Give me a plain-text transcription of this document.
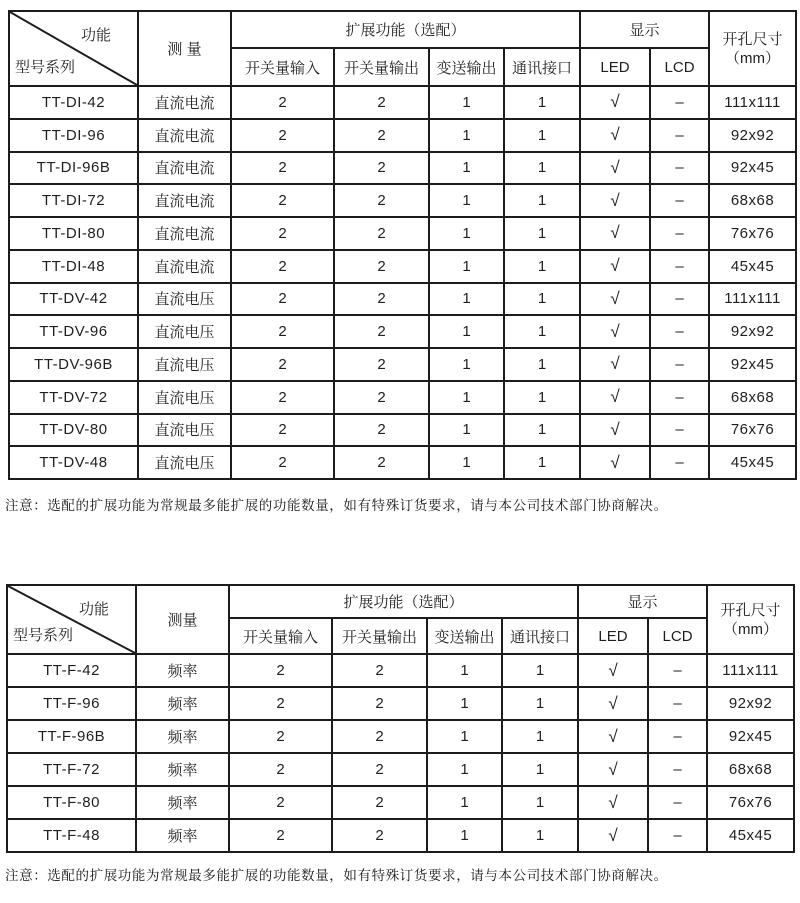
功能
型号系列
	测 量	扩展功能（选配）	显示	开孔尺寸
（mm）

		开关量输入	开关量输出	变送输出	通讯接口	LED	LCD	
TT-DI-42	直流电流	2	2	1	1	√	–	111x111
TT-DI-96	直流电流	2	2	1	1	√	–	92x92
TT-DI-96B	直流电流	2	2	1	1	√	–	92x45
TT-DI-72	直流电流	2	2	1	1	√	–	68x68
TT-DI-80	直流电流	2	2	1	1	√	–	76x76
TT-DI-48	直流电流	2	2	1	1	√	–	45x45
TT-DV-42	直流电压	2	2	1	1	√	–	111x111
TT-DV-96	直流电压	2	2	1	1	√	–	92x92
TT-DV-96B	直流电压	2	2	1	1	√	–	92x45
TT-DV-72	直流电压	2	2	1	1	√	–	68x68
TT-DV-80	直流电压	2	2	1	1	√	–	76x76
TT-DV-48	直流电压	2	2	1	1	√	–	45x45
注意：选配的扩展功能为常规最多能扩展的功能数量，如有特殊订货要求，请与本公司技术部门协商解决。
功能
型号系列
	测量	扩展功能（选配）	显示	开孔尺寸
（mm）

		开关量输入	开关量输出	变送输出	通讯接口	LED	LCD	
TT-F-42	频率	2	2	1	1	√	–	111x111
TT-F-96	频率	2	2	1	1	√	–	92x92
TT-F-96B	频率	2	2	1	1	√	–	92x45
TT-F-72	频率	2	2	1	1	√	–	68x68
TT-F-80	频率	2	2	1	1	√	–	76x76
TT-F-48	频率	2	2	1	1	√	–	45x45
注意：选配的扩展功能为常规最多能扩展的功能数量，如有特殊订货要求，请与本公司技术部门协商解决。
